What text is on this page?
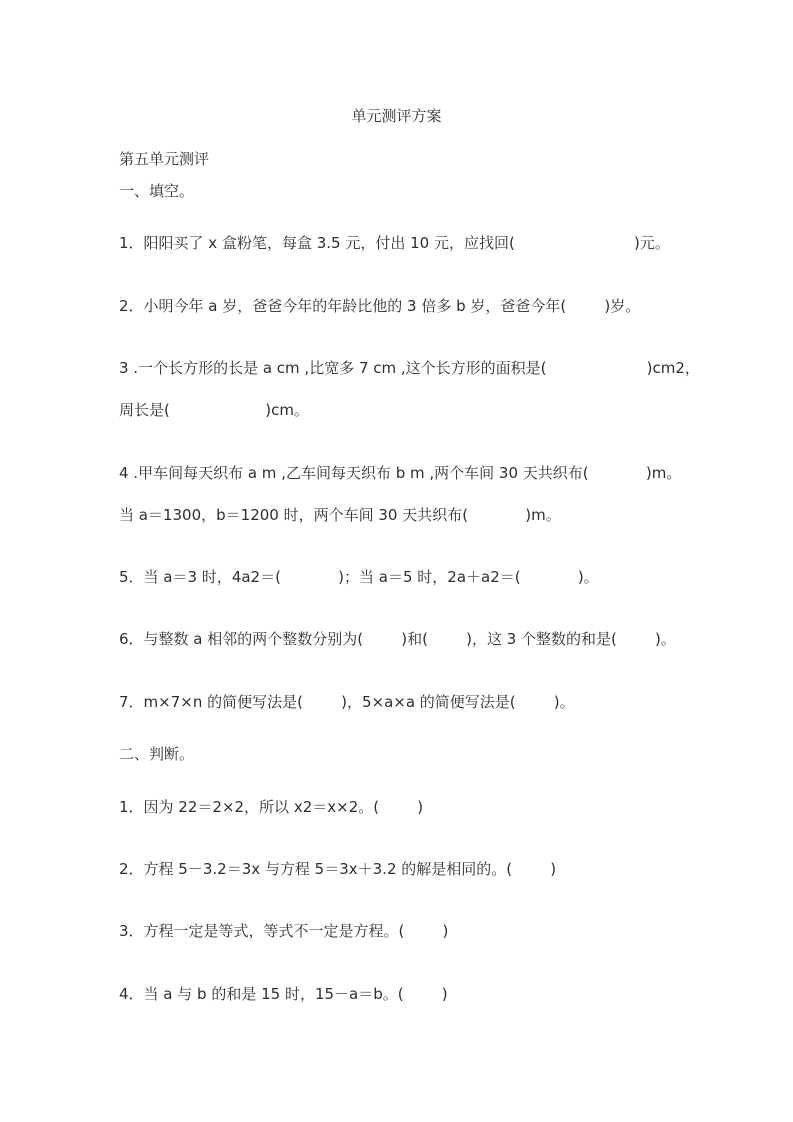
单元测评方案
第五单元测评
一、填空。
1．阳阳买了 x 盒粉笔，每盒 3.5 元，付出 10 元，应找回(                         )元。
2．小明今年 a 岁，爸爸今年的年龄比他的 3 倍多 b 岁，爸爸今年(        )岁。
3 .一个长方形的长是 a cm ,比宽多 7 cm ,这个长方形的面积是(                     )cm2，
周长是(                    )cm。
4 .甲车间每天织布 a m ,乙车间每天织布 b m ,两个车间 30 天共织布(            )m。
当 a＝1300，b＝1200 时，两个车间 30 天共织布(            )m。
5．当 a＝3 时，4a2＝(            )；当 a＝5 时，2a＋a2＝(            )。
6．与整数 a 相邻的两个整数分别为(        )和(        )，这 3 个整数的和是(        )。
7．m×7×n 的简便写法是(        )，5×a×a 的简便写法是(        )。
二、判断。
1．因为 22＝2×2，所以 x2＝x×2。(        )
2．方程 5－3.2＝3x 与方程 5＝3x＋3.2 的解是相同的。(        )
3．方程一定是等式，等式不一定是方程。(        )
4．当 a 与 b 的和是 15 时，15－a＝b。(        )
